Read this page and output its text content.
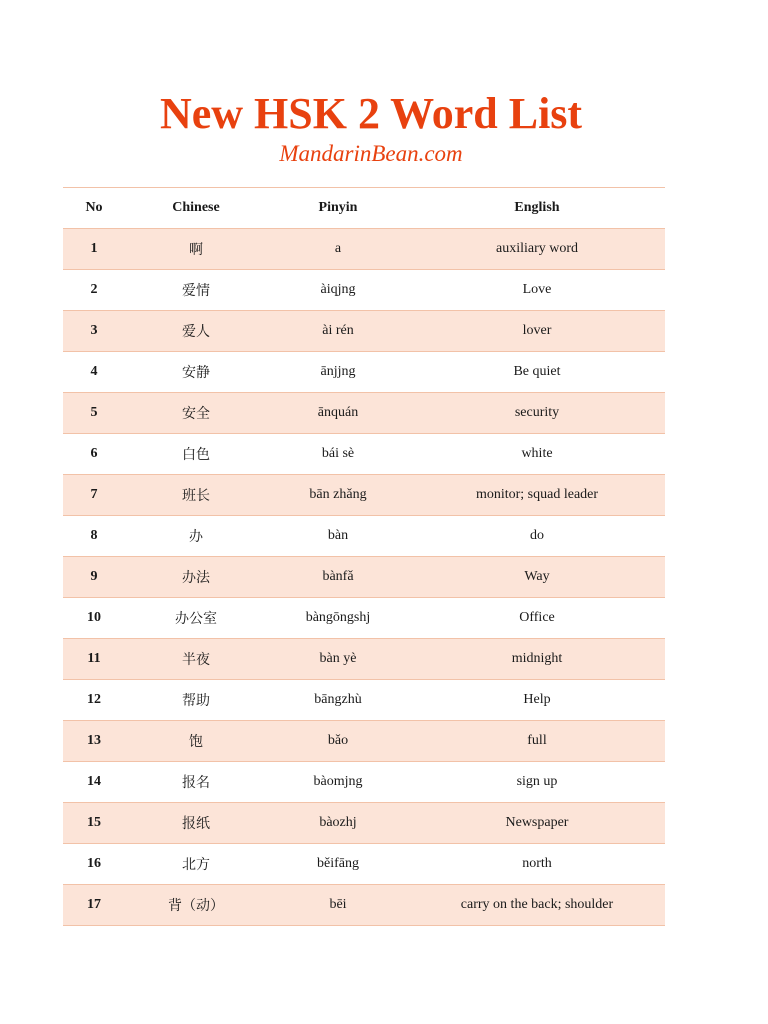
New HSK 2 Word List
MandarinBean.com
No	Chinese	Pinyin	English
1	啊	a	auxiliary word
2	爱情	àiqjng	Love
3	爱人	ài rén	lover
4	安静	ānjjng	Be quiet
5	安全	ānquán	security
6	白色	bái sè	white
7	班长	bān zhǎng	monitor; squad leader
8	办	bàn	do
9	办法	bànfǎ	Way
10	办公室	bàngōngshj	Office
11	半夜	bàn yè	midnight
12	帮助	bāngzhù	Help
13	饱	bǎo	full
14	报名	bàomjng	sign up
15	报纸	bàozhj	Newspaper
16	北方	běifāng	north
17	背（动）	bēi	carry on the back; shoulder
